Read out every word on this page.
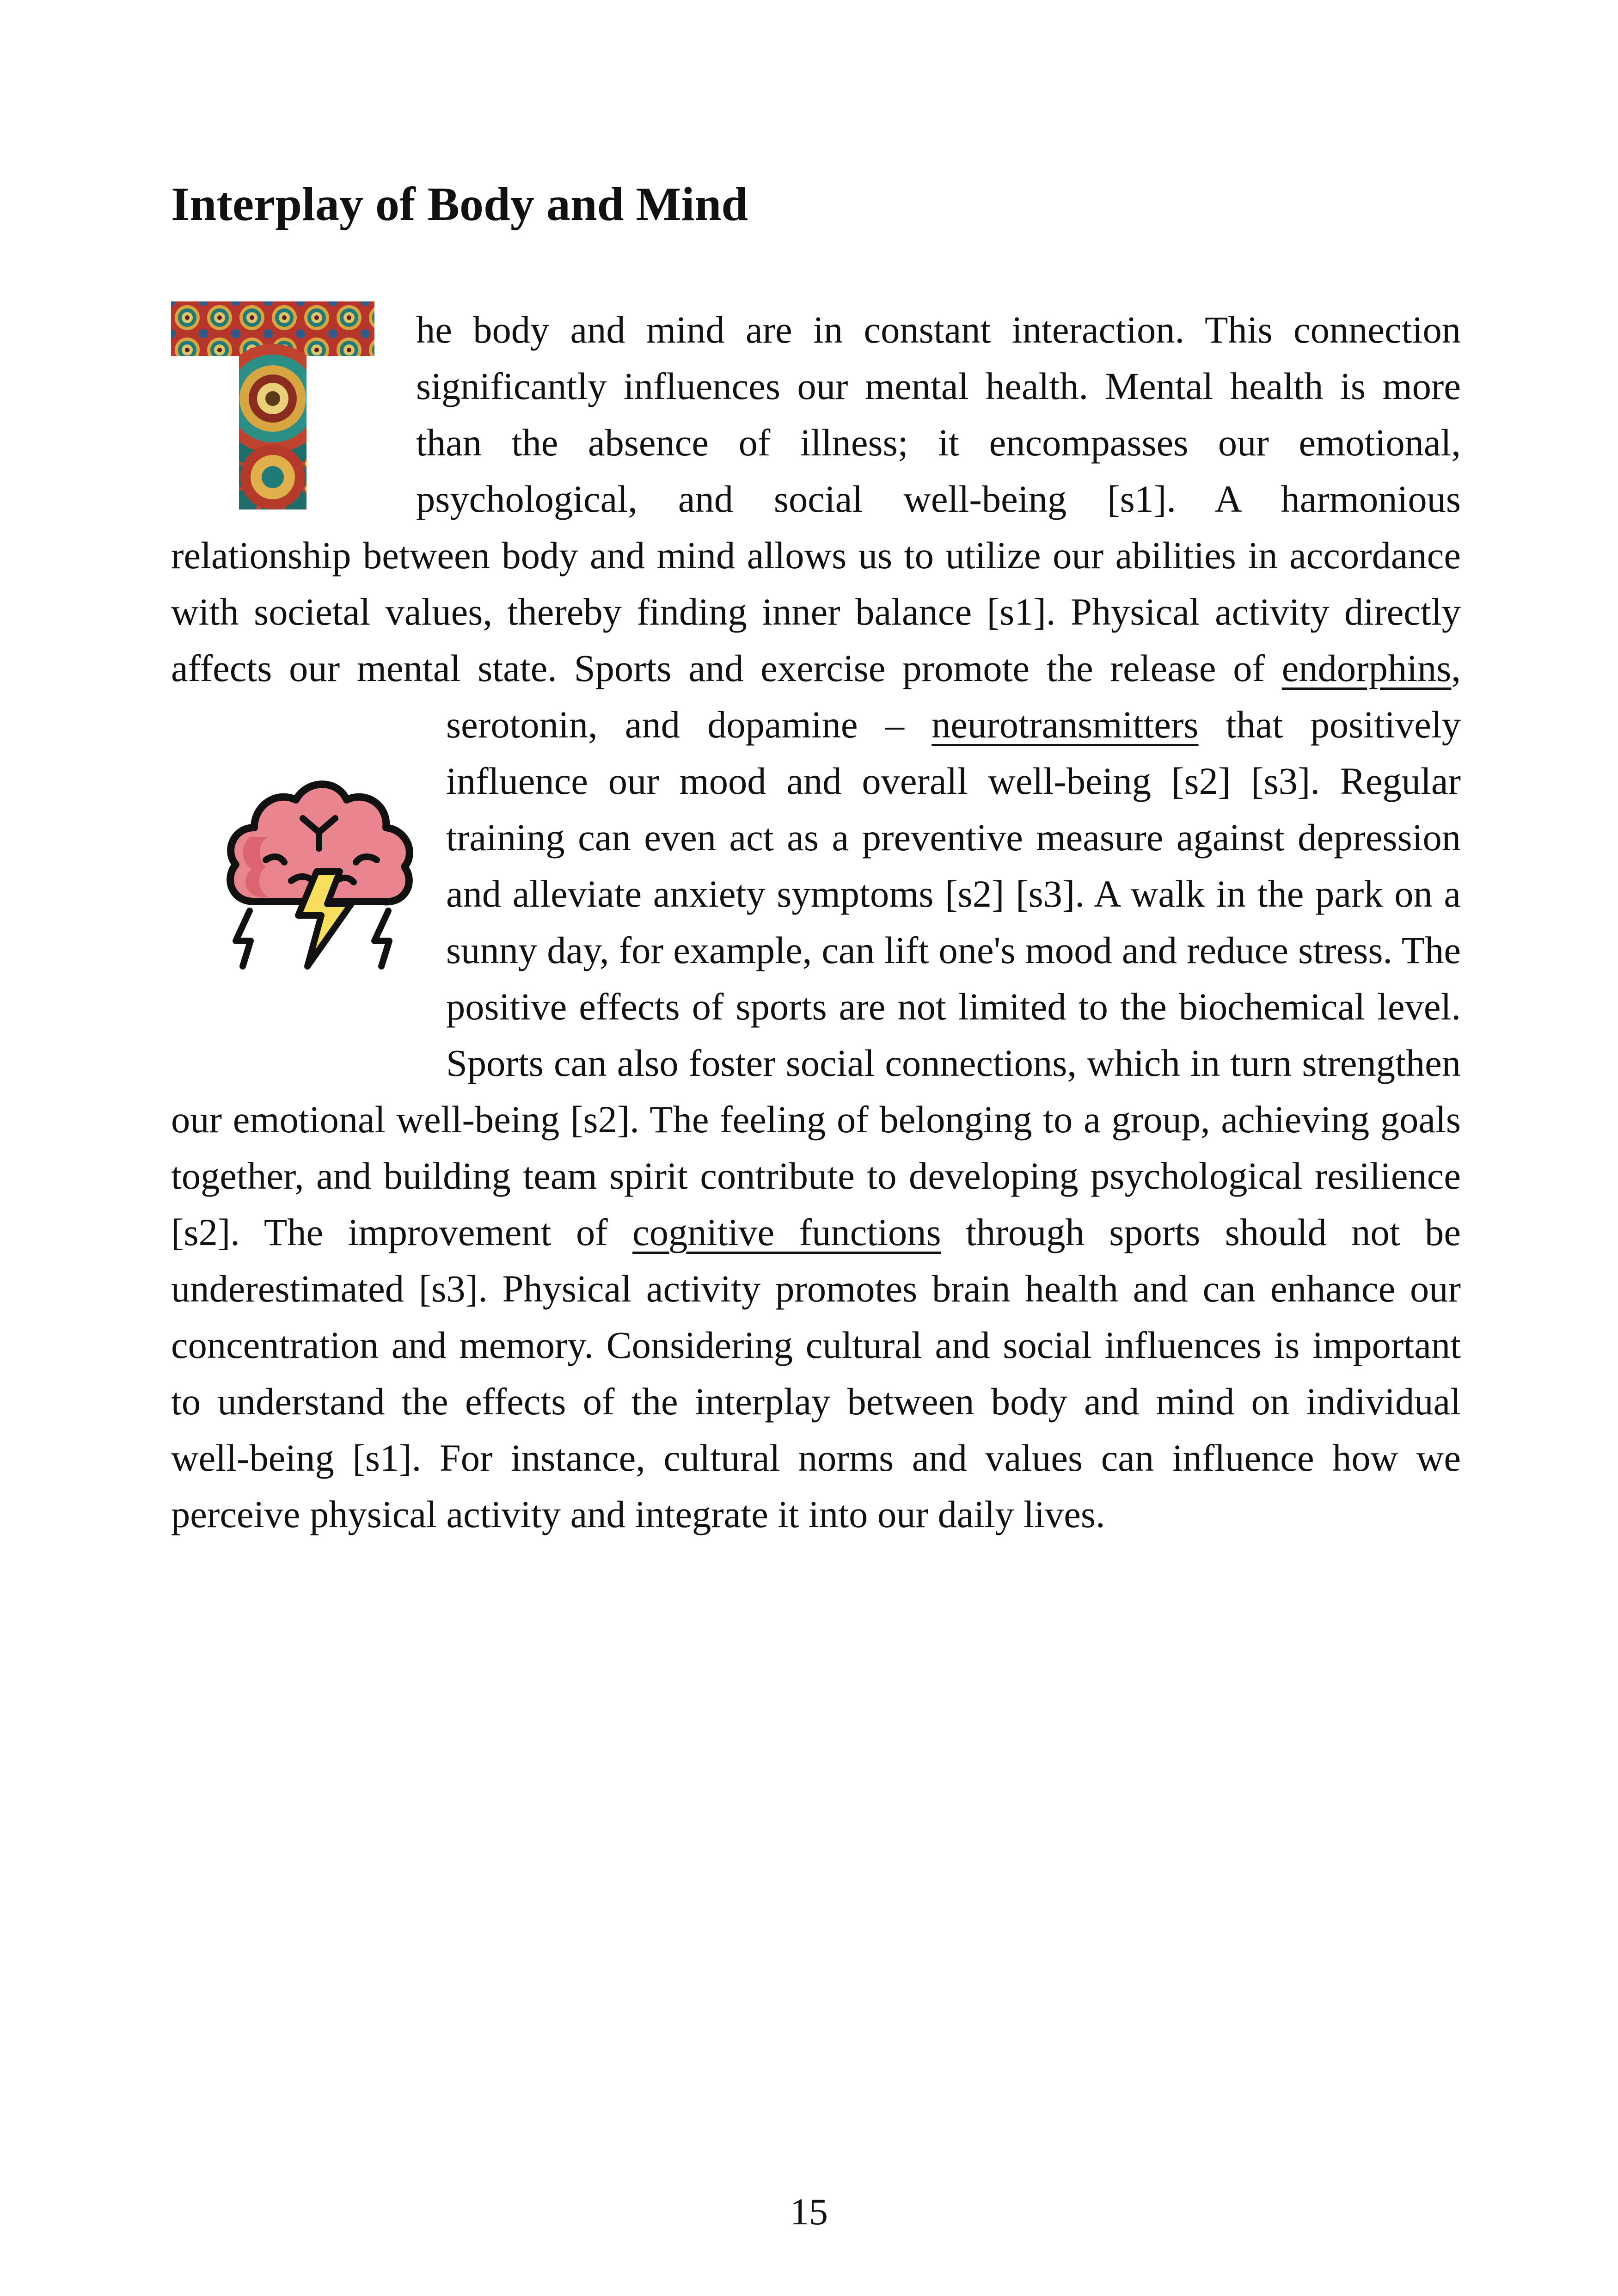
Interplay of Body and Mind

he body and mind are in constant interaction. This connection significantly influences our mental health. Mental health is more than the absence of illness; it encompasses our emotional, psychological, and social well-being [s1]. A harmonious relationship between body and mind allows us to utilize our abilities in accordance with societal values, thereby finding inner balance [s1]. Physical activity directly affects our mental state. Sports and exercise promote the release of endorphins, serotonin, and dopamine – neurotransmitters that positively influence our mood and overall well-being [s2] [s3]. Regular training can even act as a preventive measure against depression and alleviate anxiety symptoms [s2] [s3]. A walk in the park on a sunny day, for example, can lift one's mood and reduce stress. The positive effects of sports are not limited to the biochemical level. Sports can also foster social connections, which in turn strengthen our emotional well-being [s2]. The feeling of belonging to a group, achieving goals together, and building team spirit contribute to developing psychological resilience [s2]. The improvement of cognitive functions through sports should not be underestimated [s3]. Physical activity promotes brain health and can enhance our concentration and memory. Considering cultural and social influences is important to understand the effects of the interplay between body and mind on individual well-being [s1]. For instance, cultural norms and values can influence how we perceive physical activity and integrate it into our daily lives.

15
